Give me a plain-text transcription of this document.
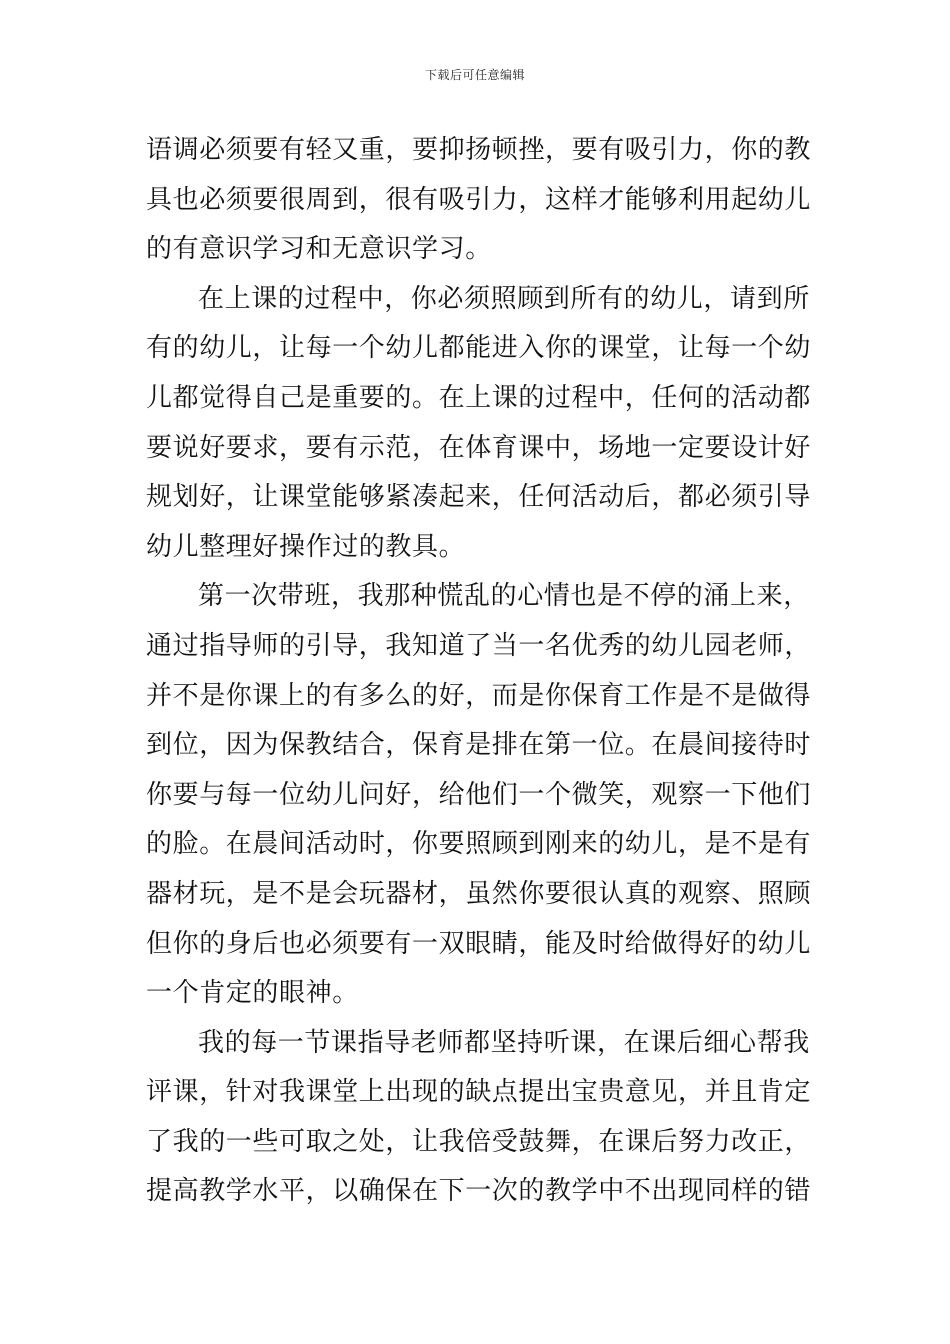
下载后可任意编辑
语调必须要有轻又重，要抑扬顿挫，要有吸引力，你的教
具也必须要很周到，很有吸引力，这样才能够利用起幼儿
的有意识学习和无意识学习。
在上课的过程中，你必须照顾到所有的幼儿，请到所
有的幼儿，让每一个幼儿都能进入你的课堂，让每一个幼
儿都觉得自己是重要的。在上课的过程中，任何的活动都
要说好要求，要有示范，在体育课中，场地一定要设计好
规划好，让课堂能够紧凑起来，任何活动后，都必须引导
幼儿整理好操作过的教具。
第一次带班，我那种慌乱的心情也是不停的涌上来，
通过指导师的引导，我知道了当一名优秀的幼儿园老师，
并不是你课上的有多么的好，而是你保育工作是不是做得
到位，因为保教结合，保育是排在第一位。在晨间接待时
你要与每一位幼儿问好，给他们一个微笑，观察一下他们
的脸。在晨间活动时，你要照顾到刚来的幼儿，是不是有
器材玩，是不是会玩器材，虽然你要很认真的观察、照顾
但你的身后也必须要有一双眼睛，能及时给做得好的幼儿
一个肯定的眼神。
我的每一节课指导老师都坚持听课，在课后细心帮我
评课，针对我课堂上出现的缺点提出宝贵意见，并且肯定
了我的一些可取之处，让我倍受鼓舞，在课后努力改正，
提高教学水平，以确保在下一次的教学中不出现同样的错
